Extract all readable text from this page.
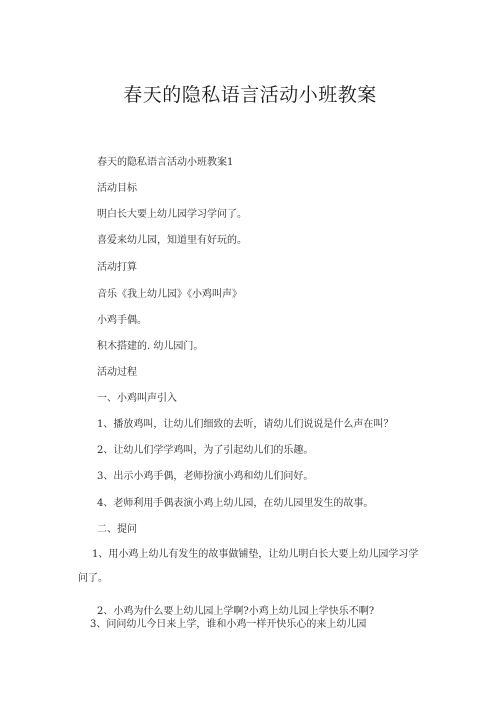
春天的隐私语言活动小班教案
春天的隐私语言活动小班教案1
活动目标
明白长大要上幼儿园学习学问了。
喜爱来幼儿园，知道里有好玩的。
活动打算
音乐《我上幼儿园》《小鸡叫声》
小鸡手偶。
积木搭建的. 幼儿园门。
活动过程
一、小鸡叫声引入
1、播放鸡叫，让幼儿们细致的去听，请幼儿们说说是什么声在叫？
2、让幼儿们学学鸡叫，为了引起幼儿们的乐趣。
3、出示小鸡手偶，老师扮演小鸡和幼儿们问好。
4、老师利用手偶表演小鸡上幼儿园，在幼儿园里发生的故事。
二、提问
1、用小鸡上幼儿有发生的故事做铺垫，让幼儿明白长大要上幼儿园学习学问了。
2、小鸡为什么要上幼儿园上学啊?小鸡上幼儿园上学快乐不啊?
3、问问幼儿今日来上学，谁和小鸡一样开快乐心的来上幼儿园
